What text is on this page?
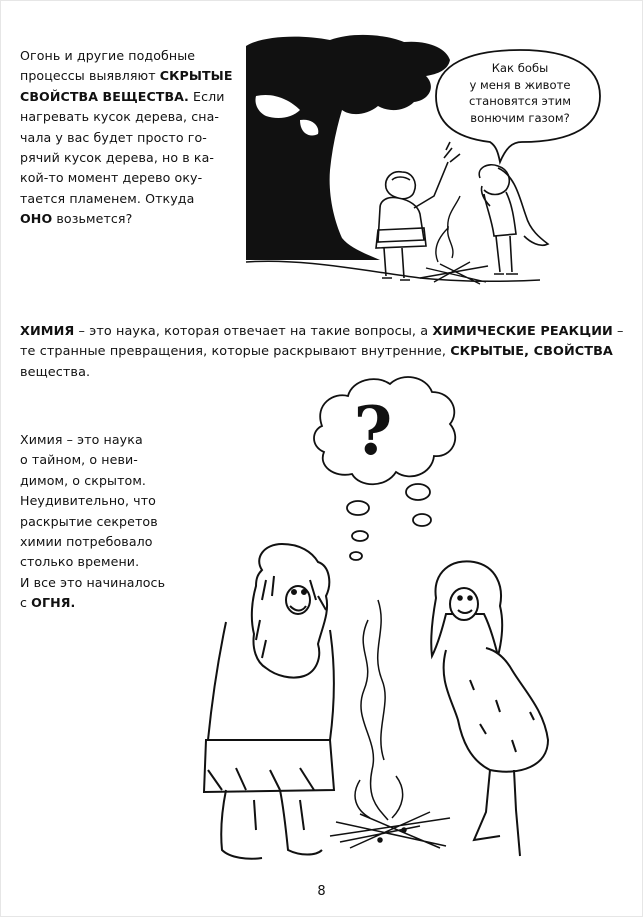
Огонь и другие подобные
процессы выявляют СКРЫТЫЕ
СВОЙСТВА ВЕЩЕСТВА. Если
нагревать кусок дерева, сна-
чала у вас будет просто го-
рячий кусок дерева, но в ка-
кой-то момент дерево оку-
тается пламенем. Откуда
ОНО возьмется?
Как бобы
у меня в животе
становятся этим
вонючим газом?
ХИМИЯ – это наука, которая отвечает на такие вопросы, а ХИМИЧЕСКИЕ РЕАКЦИИ –
те странные превращения, которые раскрывают внутренние, СКРЫТЫЕ, СВОЙСТВА
вещества.
Химия – это наука
о тайном, о неви-
димом, о скрытом.
Неудивительно, что
раскрытие секретов
химии потребовало
столько времени.
И все это начиналось
с ОГНЯ.
?
8
